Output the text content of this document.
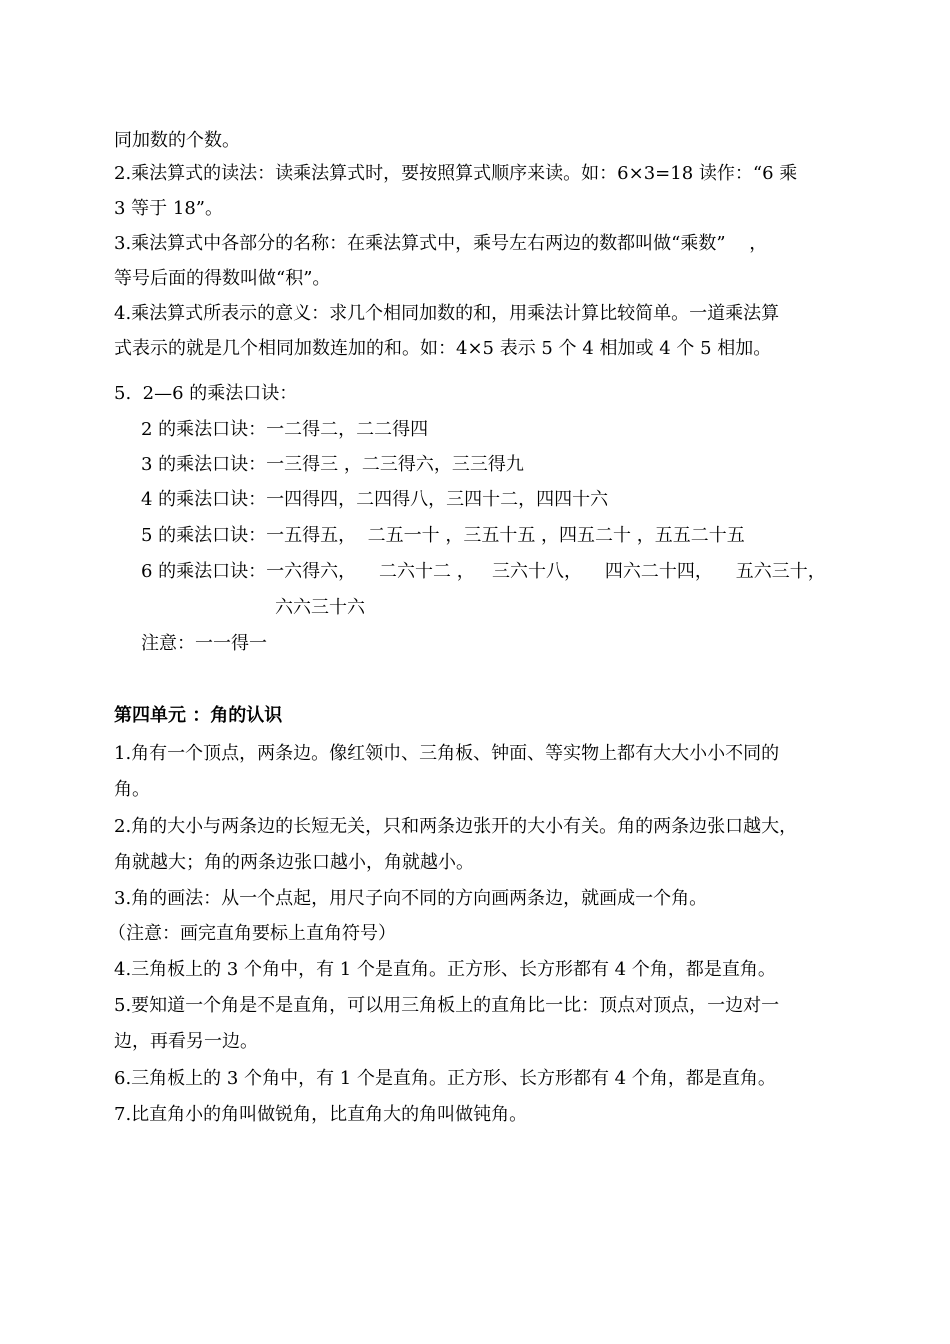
同加数的个数。
2.乘法算式的读法：读乘法算式时，要按照算式顺序来读。如：6×3=18 读作：“6 乘
3 等于 18”。
3.乘法算式中各部分的名称：在乘法算式中，乘号左右两边的数都叫做“乘数”　 ，
等号后面的得数叫做“积”。
4.乘法算式所表示的意义：求几个相同加数的和，用乘法计算比较简单。一道乘法算
式表示的就是几个相同加数连加的和。如：4×5 表示 5 个 4 相加或 4 个 5 相加。
5.  2—6 的乘法口诀：
2 的乘法口诀：一二得二，二二得四
3 的乘法口诀：一三得三 ，二三得六，三三得九
4 的乘法口诀：一四得四，二四得八，三四十二，四四十六
5 的乘法口诀：一五得五，  二五一十 ，三五十五 ，四五二十 ，五五二十五
6 的乘法口诀：一六得六，    二六十二 ，   三六十八，    四六二十四，    五六三十，
六六三十六
注意：一一得一
第四单元 ：角的认识
1.角有一个顶点，两条边。像红领巾、三角板、钟面、等实物上都有大大小小不同的
角。
2.角的大小与两条边的长短无关，只和两条边张开的大小有关。角的两条边张口越大，
角就越大；角的两条边张口越小，角就越小。
3.角的画法：从一个点起，用尺子向不同的方向画两条边，就画成一个角。
（注意：画完直角要标上直角符号）
4.三角板上的 3 个角中，有 1 个是直角。正方形、长方形都有 4 个角，都是直角。
5.要知道一个角是不是直角，可以用三角板上的直角比一比：顶点对顶点，一边对一
边，再看另一边。
6.三角板上的 3 个角中，有 1 个是直角。正方形、长方形都有 4 个角，都是直角。
7.比直角小的角叫做锐角，比直角大的角叫做钝角。
